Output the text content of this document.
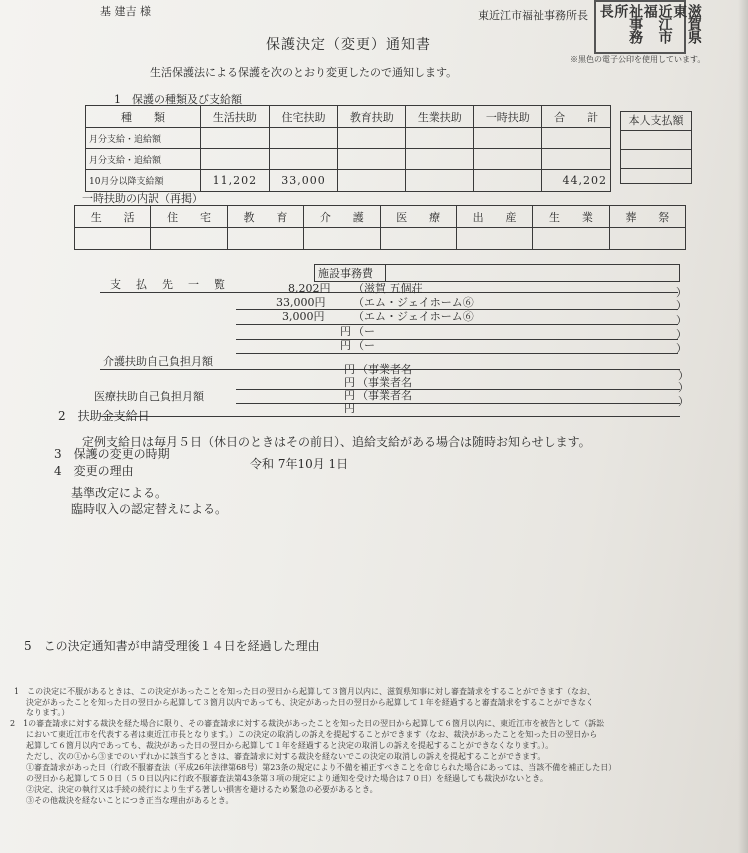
基 建吉 様	東近江市福祉事務所長	滋賀県東
近江市福
祉事務所
長
※黒色の電子公印を使用しています。
保護決定（変更）通知書
生活保護法による保護を次のとおり変更したので通知します。
1　保護の種類及び支給額
種　　類	生活扶助	住宅扶助	教育扶助	生業扶助	一時扶助	合　　計
月分支給・追給額						
月分支給・追給額						
10月分以降支給額	11,202	33,000				44,202
本人支払額
一時扶助の内訳（再掲）
生　　活	住　　宅	教　　育	介　　護	医　　療	出　　産	生　　業	葬　　祭

施設事務費	
支　払　先　一　覧	8,202円 （滋賀 五個荘	）
33,000円	（エム・ジェイホーム⑥	）
3,000円	（エム・ジェイホーム⑥	）
円 （ー	）
円 （ー	）
介護扶助自己負担月額
円 （事業者名	）
円 （事業者名	）
医療扶助自己負担月額	円 （事業者名	）
円
2　扶助金支給日
定例支給日は毎月５日（休日のときはその前日）、追給支給がある場合は随時お知らせします。
3　保護の変更の時期
令和 7年10月 1日
4　変更の理由
基準改定による。
臨時収入の認定替えによる。
5　この決定通知書が申請受理後１４日を経過した理由
1　この決定に不服があるときは、この決定があったことを知った日の翌日から起算して３箇月以内に、滋賀県知事に対し審査請求をすることができます（なお、
決定があったことを知った日の翌日から起算して３箇月以内であっても、決定があった日の翌日から起算して１年を経過すると審査請求をすることができなく
なります。）
2　1の審査請求に対する裁決を経た場合に限り、その審査請求に対する裁決があったことを知った日の翌日から起算して６箇月以内に、東近江市を被告として（訴訟
において東近江市を代表する者は東近江市長となります。）この決定の取消しの訴えを提起することができます（なお、裁決があったことを知った日の翌日から
起算して６箇月以内であっても、裁決があった日の翌日から起算して１年を経過すると決定の取消しの訴えを提起することができなくなります。）。
ただし、次の①から③までのいずれかに該当するときは、審査請求に対する裁決を経ないでこの決定の取消しの訴えを提起することができます。
①審査請求があった日（行政不服審査法（平成26年法律第68号）第23条の規定により不備を補正すべきことを命じられた場合にあっては、当該不備を補正した日）
の翌日から起算して５０日（５０日以内に行政不服審査法第43条第３項の規定により通知を受けた場合は７０日）を経過しても裁決がないとき。
②決定、決定の執行又は手続の続行により生ずる著しい損害を避けるため緊急の必要があるとき。
③その他裁決を経ないことにつき正当な理由があるとき。
